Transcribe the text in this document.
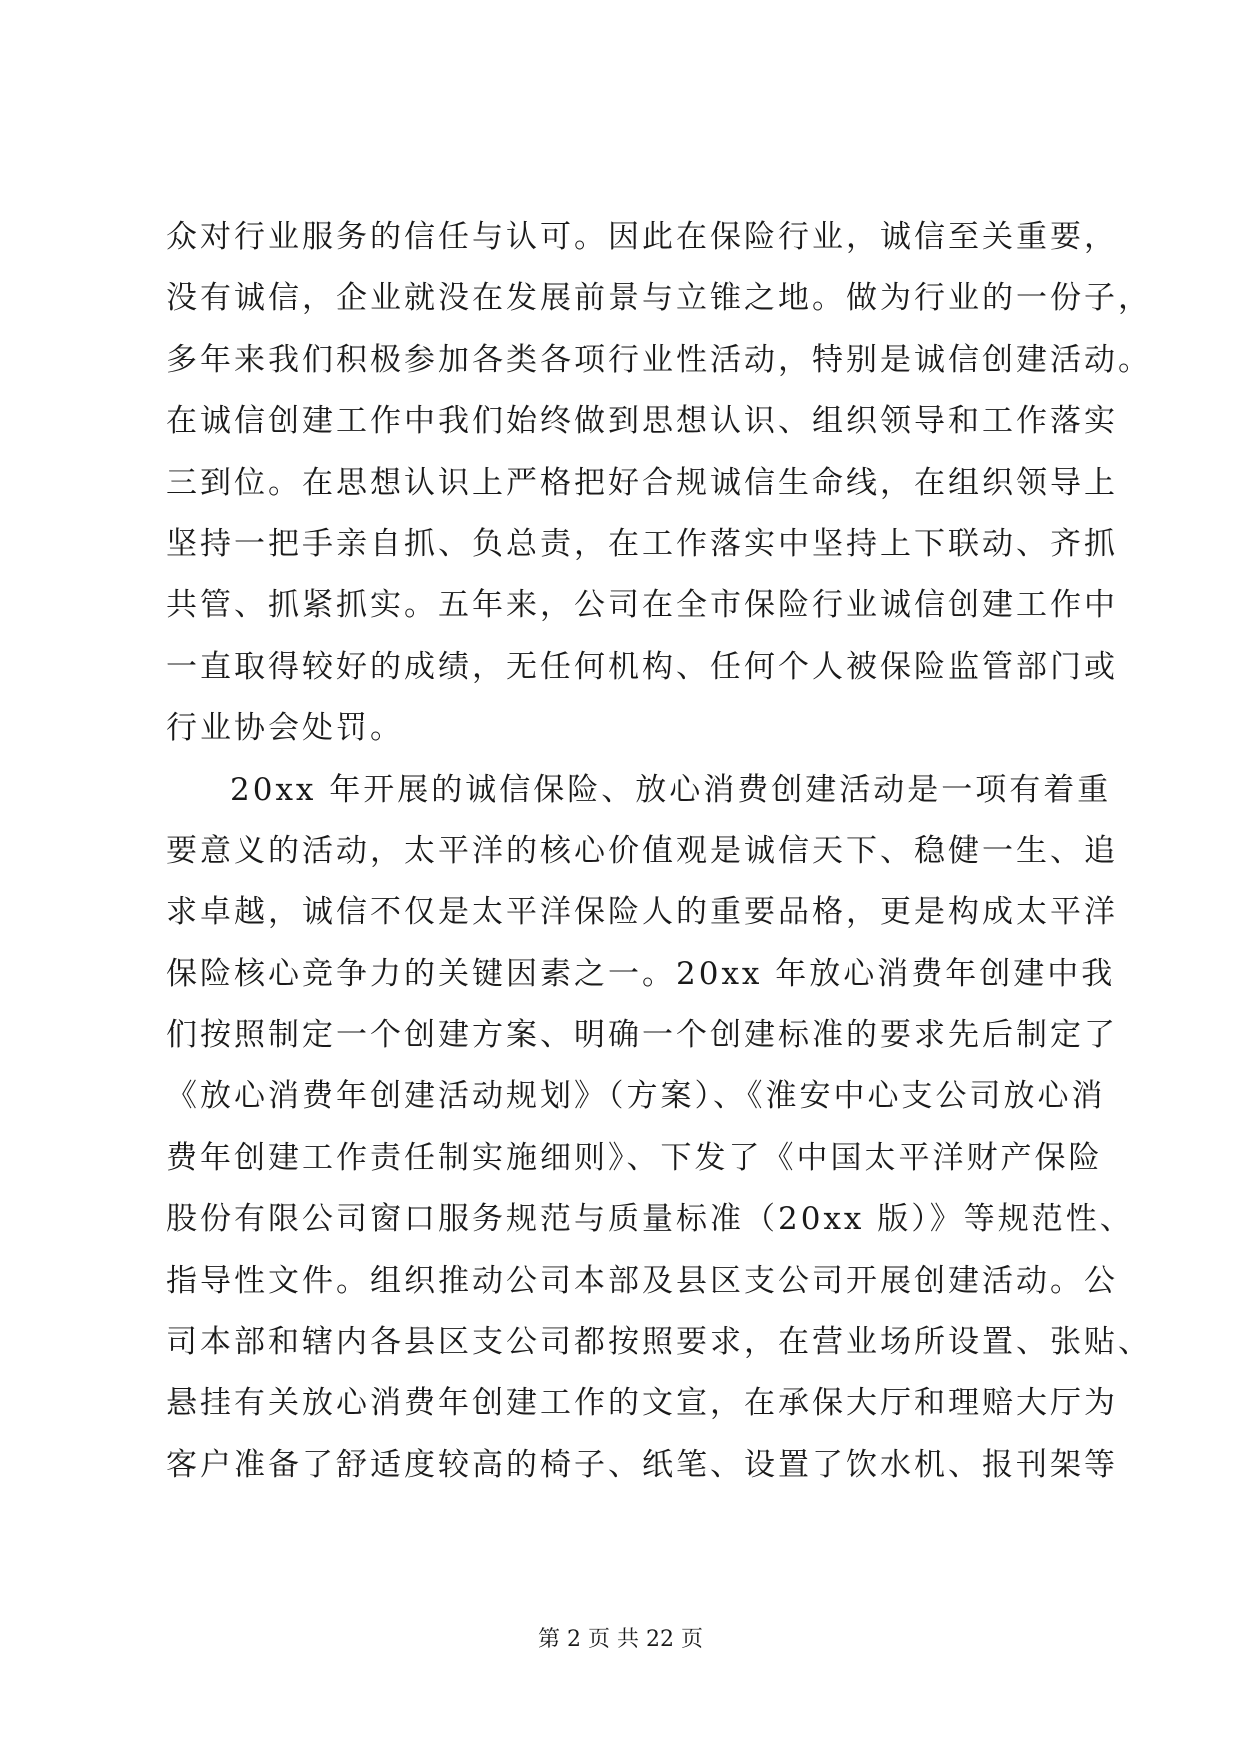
众对行业服务的信任与认可。因此在保险行业，诚信至关重要，
没有诚信，企业就没在发展前景与立锥之地。做为行业的一份子，
多年来我们积极参加各类各项行业性活动，特别是诚信创建活动。
在诚信创建工作中我们始终做到思想认识、组织领导和工作落实
三到位。在思想认识上严格把好合规诚信生命线，在组织领导上
坚持一把手亲自抓、负总责，在工作落实中坚持上下联动、齐抓
共管、抓紧抓实。五年来，公司在全市保险行业诚信创建工作中
一直取得较好的成绩，无任何机构、任何个人被保险监管部门或
行业协会处罚。
20xx 年开展的诚信保险、放心消费创建活动是一项有着重
要意义的活动，太平洋的核心价值观是诚信天下、稳健一生、追
求卓越，诚信不仅是太平洋保险人的重要品格，更是构成太平洋
保险核心竞争力的关键因素之一。20xx 年放心消费年创建中我
们按照制定一个创建方案、明确一个创建标准的要求先后制定了
《放心消费年创建活动规划》（方案）、《淮安中心支公司放心消
费年创建工作责任制实施细则》、下发了《中国太平洋财产保险
股份有限公司窗口服务规范与质量标准（20xx 版）》等规范性、
指导性文件。组织推动公司本部及县区支公司开展创建活动。公
司本部和辖内各县区支公司都按照要求，在营业场所设置、张贴、
悬挂有关放心消费年创建工作的文宣，在承保大厅和理赔大厅为
客户准备了舒适度较高的椅子、纸笔、设置了饮水机、报刊架等
第 2 页 共 22 页
